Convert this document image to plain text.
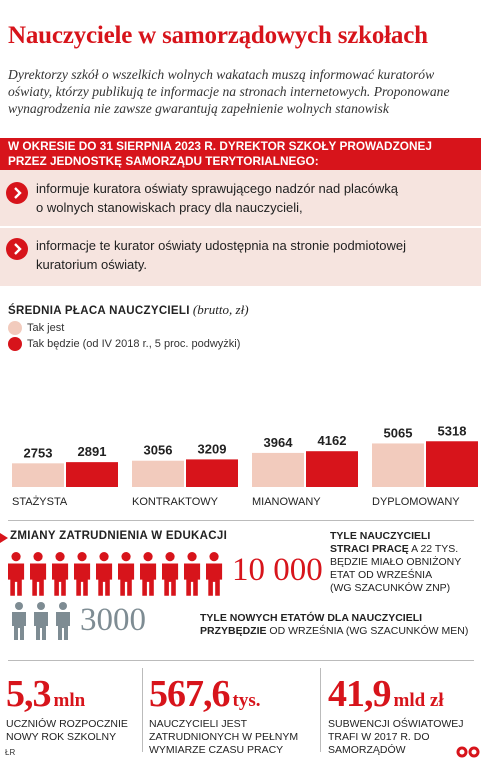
Nauczyciele w samorządowych szkołach
Dyrektorzy szkół o wszelkich wolnych wakatach muszą informować kuratorów oświaty, którzy publikują te informacje na stronach internetowych. Proponowane wynagrodzenia nie zawsze gwarantują zapełnienie wolnych stanowisk
W OKRESIE DO 31 SIERPNIA 2023 R. DYREKTOR SZKOŁY PROWADZONEJ
PRZEZ JEDNOSTKĘ SAMORZĄDU TERYTORIALNEGO:
informuje kuratora oświaty sprawującego nadzór nad placówką
o wolnych stanowiskach pracy dla nauczycieli,
informacje te kurator oświaty udostępnia na stronie podmiotowej
kuratorium oświaty.
ŚREDNIA PŁACA NAUCZYCIELI (brutto, zł)
Tak jest
Tak będzie (od IV 2018 r., 5 proc. podwyżki)
2753 2891
STAŻYSTA
3056 3209
KONTRAKTOWY
3964 4162
MIANOWANY
5065 5318
DYPLOMOWANY
ZMIANY ZATRUDNIENIA W EDUKACJI
10 000
TYLE NAUCZYCIELI
STRACI PRACĘ A 22 TYS.
BĘDZIE MIAŁO OBNIŻONY
ETAT OD WRZEŚNIA
(WG SZACUNKÓW ZNP)
3000	TYLE NOWYCH ETATÓW DLA NAUCZYCIELI
PRZYBĘDZIE OD WRZEŚNIA (WG SZACUNKÓW MEN)
5,3 mln
UCZNIÓW ROZPOCZNIE
NOWY ROK SZKOLNY
567,6 tys.
NAUCZYCIELI JEST
ZATRUDNIONYCH W PEŁNYM
WYMIARZE CZASU PRACY
41,9 mld zł
SUBWENCJI OŚWIATOWEJ
TRAFI W 2017 R. DO
SAMORZĄDÓW
ŁR
